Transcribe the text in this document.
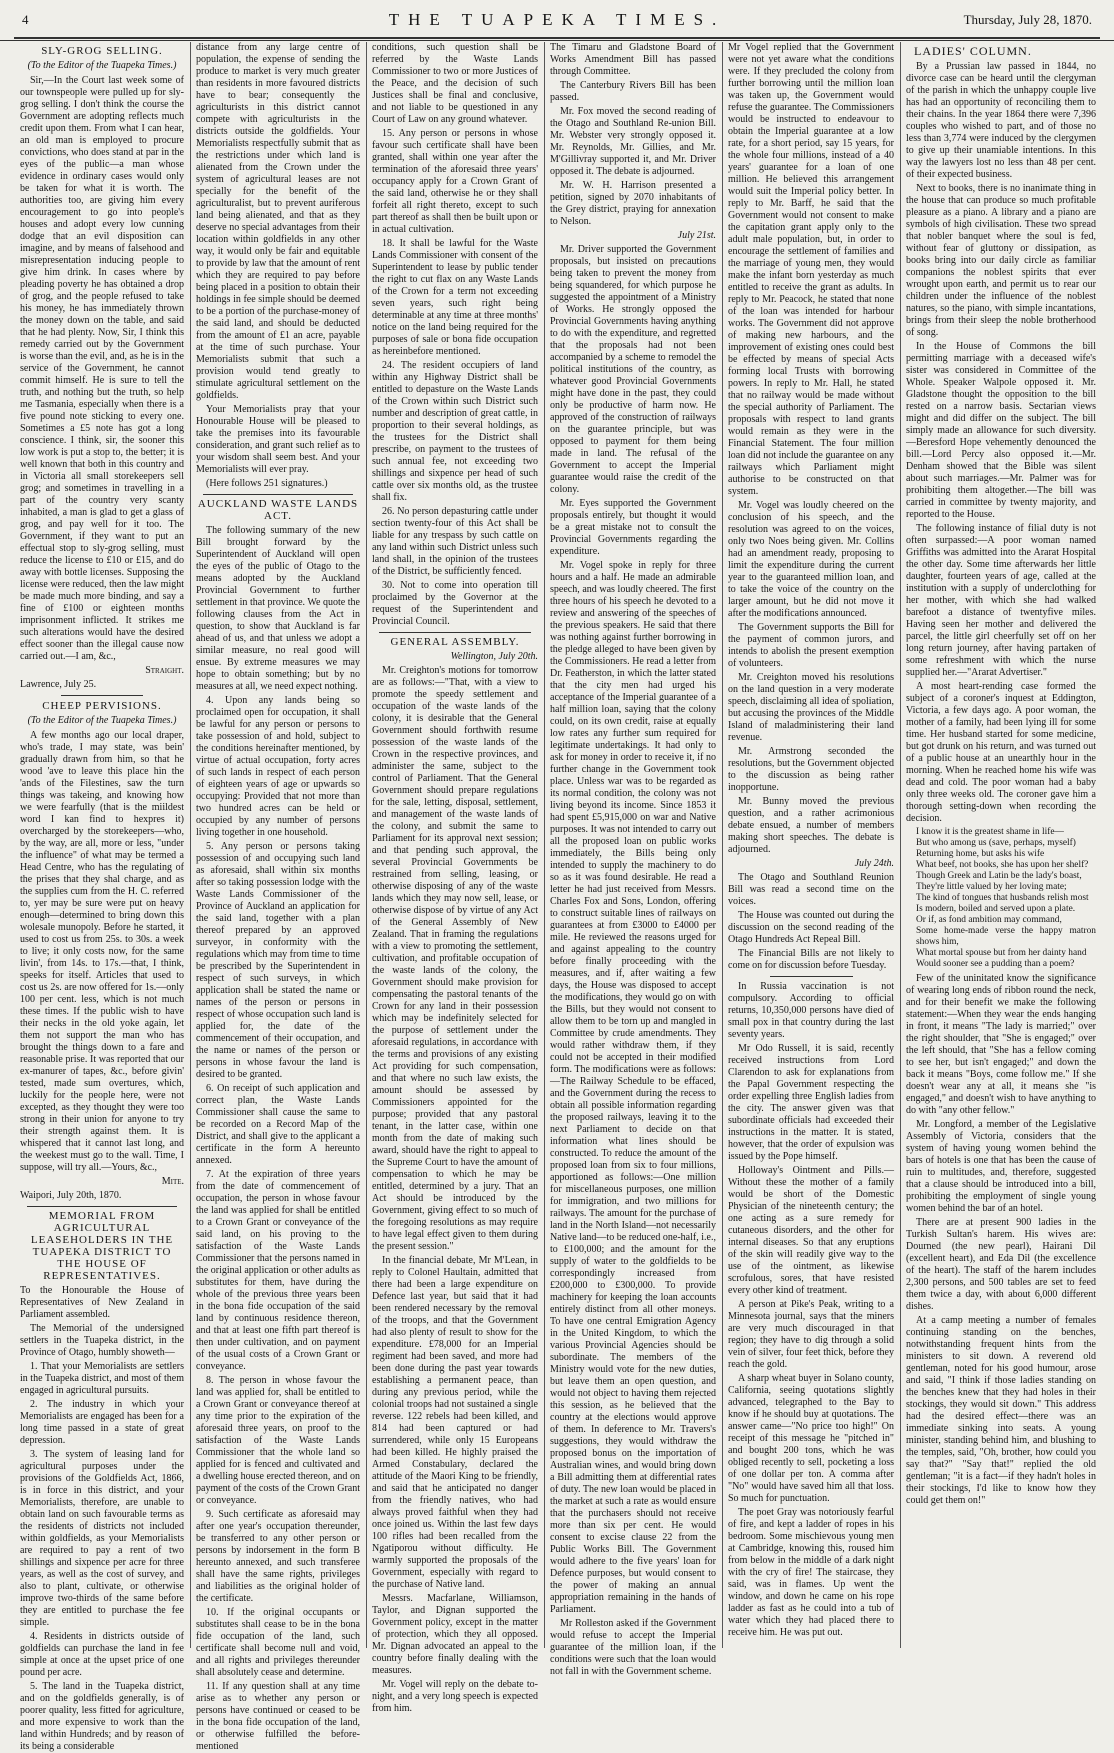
4	THE TUAPEKA TIMES.	Thursday, July 28, 1870.
SLY-GROG SELLING.
(To the Editor of the Tuapeka Times.)

Sir,—In the Court last week some of our townspeople were pulled up for sly-grog selling. I don't think the course the Government are adopting reflects much credit upon them. From what I can hear, an old man is employed to procure convictions, who does stand at par in the eyes of the public—a man whose evidence in ordinary cases would only be taken for what it is worth. The authorities too, are giving him every encouragement to go into people's houses and adopt every low cunning dodge that an evil disposition can imagine, and by means of falsehood and misrepresentation inducing people to give him drink. In cases where by pleading poverty he has obtained a drop of grog, and the people refused to take his money, he has immediately thrown the money down on the table, and said that he had plenty. Now, Sir, I think this remedy carried out by the Government is worse than the evil, and, as he is in the service of the Government, he cannot commit himself. He is sure to tell the truth, and nothing but the truth, so help me Tasmania, especially when there is a five pound note sticking to every one. Sometimes a £5 note has got a long conscience. I think, sir, the sooner this low work is put a stop to, the better; it is well known that both in this country and in Victoria all small storekeepers sell grog; and sometimes in travelling in a part of the country very scanty inhabited, a man is glad to get a glass of grog, and pay well for it too. The Government, if they want to put an effectual stop to sly-grog selling, must reduce the license to £10 or £15, and do away with bottle licenses. Supposing the license were reduced, then the law might be made much more binding, and say a fine of £100 or eighteen months imprisonment inflicted. It strikes me such alterations would have the desired effect sooner than the illegal cause now carried out.—I am, &c.,

Straight.

Lawrence, July 25.

CHEEP PERVISIONS.
(To the Editor of the Tuapeka Times.)

A few months ago our local draper, who's trade, I may state, was bein' gradually drawn from him, so that he wood 'ave to leave this place hin the 'ands of the Filestines, saw the turn things was takeing, and knowing how we were fearfully (that is the miildest word I kan find to hexpres it) overcharged by the storekeepers—who, by the way, are all, more or less, "under the influence" of what may be termed a Head Centre, who has the regulating of the prises that they shal charge, and as the supplies cum from the H. C. referred to, yer may be sure were put on heavy enough—determined to bring down this wolesale munopoly. Before he started, it used to cost us from 25s. to 30s. a week to live; it only costs now, for the same livin', from 14s. to 17s.—that, I think, speeks for itself. Articles that used to cost us 2s. are now offered for 1s.—only 100 per cent. less, which is not much these times. If the public wish to have their necks in the old yoke again, let them not support the man who has brought the things down to a fare and reasonable prise. It was reported that our ex-manurer of tapes, &c., before givin' tested, made sum overtures, which, luckily for the people here, were not excepted, as they thought they were too strong in their union for anyone to try their strength against them. It is whispered that it cannot last long, and the weekest must go to the wall. Time, I suppose, will try all.—Yours, &c.,

Mite.

Waipori, July 20th, 1870.

MEMORIAL FROM AGRICULTURAL LEASEHOLDERS IN THE TUAPEKA DISTRICT TO THE HOUSE OF REPRESENTATIVES.

To the Honourable the House of Representatives of New Zealand in Parliament assembled.

The Memorial of the undersigned settlers in the Tuapeka district, in the Province of Otago, humbly showeth—

1. That your Memorialists are settlers in the Tuapeka district, and most of them engaged in agricultural pursuits.

2. The industry in which your Memorialists are engaged has been for a long time passed in a state of great depression.

3. The system of leasing land for agricultural purposes under the provisions of the Goldfields Act, 1866, is in force in this district, and your Memorialists, therefore, are unable to obtain land on such favourable terms as the residents of districts not included within goldfields, as your Memorialists are required to pay a rent of two shillings and sixpence per acre for three years, as well as the cost of survey, and also to plant, cultivate, or otherwise improve two-thirds of the same before they are entitled to purchase the fee simple.

4. Residents in districts outside of goldfields can purchase the land in fee simple at once at the upset price of one pound per acre.

5. The land in the Tuapeka district, and on the goldfields generally, is of poorer quality, less fitted for agriculture, and more expensive to work than the land within Hundreds; and by reason of its being a considerable

distance from any large centre of population, the expense of sending the produce to market is very much greater than residents in more favoured districts have to bear; consequently the agriculturists in this district cannot compete with agriculturists in the districts outside the goldfields. Your Memorialists respectfully submit that as the restrictions under which land is alienated from the Crown under the system of agricultural leases are not specially for the benefit of the agriculturalist, but to prevent auriferous land being alienated, and that as they deserve no special advantages from their location within goldfields in any other way, it would only be fair and equitable to provide by law that the amount of rent which they are required to pay before being placed in a position to obtain their holdings in fee simple should be deemed to be a portion of the purchase-money of the said land, and should be deducted from the amount of £1 an acre, payable at the time of such purchase. Your Memorialists submit that such a provision would tend greatly to stimulate agricultural settlement on the goldfields.

Your Memorialists pray that your Honourable House will be pleased to take the premises into its favourable consideration, and grant such relief as to your wisdom shall seem best. And your Memorialists will ever pray.

(Here follows 251 signatures.)

AUCKLAND WASTE LANDS ACT.

The following summary of the new Bill brought forward by the Superintendent of Auckland will open the eyes of the public of Otago to the means adopted by the Auckland Provincial Government to further settlement in that province. We quote the following clauses from the Act in question, to show that Auckland is far ahead of us, and that unless we adopt a similar measure, no real good will ensue. By extreme measures we may hope to obtain something; but by no measures at all, we need expect nothing.

4. Upon any lands being so proclaimed open for occupation, it shall be lawful for any person or persons to take possession of and hold, subject to the conditions hereinafter mentioned, by virtue of actual occupation, forty acres of such lands in respect of each person of eighteen years of age or upwards so occupying: Provided that not more than two hundred acres can be held or occupied by any number of persons living together in one household.

5. Any person or persons taking possession of and occupying such land as aforesaid, shall within six months after so taking possession lodge with the Waste Lands Commissioner of the Province of Auckland an application for the said land, together with a plan thereof prepared by an approved surveyor, in conformity with the regulations which may from time to time be prescribed by the Superintendent in respect of such surveys, in which application shall be stated the name or names of the person or persons in respect of whose occupation such land is applied for, the date of the commencement of their occupation, and the name or names of the person or persons in whose favour the land is desired to be granted.

6. On receipt of such application and correct plan, the Waste Lands Commissioner shall cause the same to be recorded on a Record Map of the District, and shall give to the applicant a certificate in the form A hereunto annexed.

7. At the expiration of three years from the date of commencement of occupation, the person in whose favour the land was applied for shall be entitled to a Crown Grant or conveyance of the said land, on his proving to the satisfaction of the Waste Lands Commissioner that the persons named in the original application or other adults as substitutes for them, have during the whole of the previous three years been in the bona fide occupation of the said land by continuous residence thereon, and that at least one fifth part thereof is then under cultivation, and on payment of the usual costs of a Crown Grant or conveyance.

8. The person in whose favour the land was applied for, shall be entitled to a Crown Grant or conveyance thereof at any time prior to the expiration of the aforesaid three years, on proof to the satisfaction of the Waste Lands Commissioner that the whole land so applied for is fenced and cultivated and a dwelling house erected thereon, and on payment of the costs of the Crown Grant or conveyance.

9. Such certificate as aforesaid may after one year's occupation thereunder, be transferred to any other person or persons by indorsement in the form B hereunto annexed, and such transferee shall have the same rights, privileges and liabilities as the original holder of the certificate.

10. If the original occupants or substitutes shall cease to be in the bona fide occupation of the land, such certificate shall become null and void, and all rights and privileges thereunder shall absolutely cease and determine.

11. If any question shall at any time arise as to whether any person or persons have continued or ceased to be in the bona fide occupation of the land, or otherwise fulfilled the before-mentioned

conditions, such question shall be referred by the Waste Lands Commissioner to two or more Justices of the Peace, and the decision of such Justices shall be final and conclusive, and not liable to be questioned in any Court of Law on any ground whatever.

15. Any person or persons in whose favour such certificate shall have been granted, shall within one year after the termination of the aforesaid three years' occupancy apply for a Crown Grant of the said land, otherwise he or they shall forfeit all right thereto, except to such part thereof as shall then be built upon or in actual cultivation.

18. It shall be lawful for the Waste Lands Commissioner with consent of the Superintendent to lease by public tender the right to cut flax on any Waste Lands of the Crown for a term not exceeding seven years, such right being determinable at any time at three months' notice on the land being required for the purposes of sale or bona fide occupation as hereinbefore mentioned.

24. The resident occupiers of land within any Highway District shall be entitled to depasture on the Waste Lands of the Crown within such District such number and description of great cattle, in proportion to their several holdings, as the trustees for the District shall prescribe, on payment to the trustees of such annual fee, not exceeding two shillings and sixpence per head of such cattle over six months old, as the trustee shall fix.

26. No person depasturing cattle under section twenty-four of this Act shall be liable for any trespass by such cattle on any land within such District unless such land shall, in the opinion of the trustees of the District, be sufficiently fenced.

30. Not to come into operation till proclaimed by the Governor at the request of the Superintendent and Provincial Council.

GENERAL ASSEMBLY.
Wellington, July 20th.

Mr. Creighton's motions for tomorrow are as follows:—"That, with a view to promote the speedy settlement and occupation of the waste lands of the colony, it is desirable that the General Government should forthwith resume possession of the waste lands of the Crown in the respective provinces, and administer the same, subject to the control of Parliament. That the General Government should prepare regulations for the sale, letting, disposal, settlement, and management of the waste lands of the colony, and submit the same to Parliament for its approval next session; and that pending such approval, the several Provincial Governments be restrained from selling, leasing, or otherwise disposing of any of the waste lands which they may now sell, lease, or otherwise dispose of by virtue of any Act of the General Assembly of New Zealand. That in framing the regulations with a view to promoting the settlement, cultivation, and profitable occupation of the waste lands of the colony, the Government should make provision for compensating the pastoral tenants of the Crown for any land in their possession which may be indefinitely selected for the purpose of settlement under the aforesaid regulations, in accordance with the terms and provisions of any existing Act providing for such compensation, and that where no such law exists, the amount should be assessed by Commissioners appointed for the purpose; provided that any pastoral tenant, in the latter case, within one month from the date of making such award, should have the right to appeal to the Supreme Court to have the amount of compensation to which he may be entitled, determined by a jury. That an Act should be introduced by the Government, giving effect to so much of the foregoing resolutions as may require to have legal effect given to them during the present session."

In the financial debate, Mr M'Lean, in reply to Colonel Haultain, admitted that there had been a large expenditure on Defence last year, but said that it had been rendered necessary by the removal of the troops, and that the Government had also plenty of result to show for the expenditure. £78,000 for an Imperial regiment had been saved, and more had been done during the past year towards establishing a permanent peace, than during any previous period, while the colonial troops had not sustained a single reverse. 122 rebels had been killed, and 814 had been captured or had surrendered, while only 15 Europeans had been killed. He highly praised the Armed Constabulary, declared the attitude of the Maori King to be friendly, and said that he anticipated no danger from the friendly natives, who had always proved faithful when they had once joined us. Within the last few days 100 rifles had been recalled from the Ngatiporou without difficulty. He warmly supported the proposals of the Government, especially with regard to the purchase of Native land.

Messrs. Macfarlane, Williamson, Taylor, and Dignan supported the Government policy, except in the matter of protection, which they all opposed. Mr. Dignan advocated an appeal to the country before finally dealing with the measures.

Mr. Vogel will reply on the debate to-night, and a very long speech is expected from him.

The Timaru and Gladstone Board of Works Amendment Bill has passed through Committee.

The Canterbury Rivers Bill has been passed.

Mr. Fox moved the second reading of the Otago and Southland Re-union Bill. Mr. Webster very strongly opposed it. Mr. Reynolds, Mr. Gillies, and Mr. M'Gillivray supported it, and Mr. Driver opposed it. The debate is adjourned.

Mr. W. H. Harrison presented a petition, signed by 2070 inhabitants of the Grey district, praying for annexation to Nelson.

July 21st.

Mr. Driver supported the Government proposals, but insisted on precautions being taken to prevent the money from being squandered, for which purpose he suggested the appointment of a Ministry of Works. He strongly opposed the Provincial Governments having anything to do with the expenditure, and regretted that the proposals had not been accompanied by a scheme to remodel the political institutions of the country, as whatever good Provincial Governments might have done in the past, they could only be productive of harm now. He approved of the construction of railways on the guarantee principle, but was opposed to payment for them being made in land. The refusal of the Government to accept the Imperial guarantee would raise the credit of the colony.

Mr. Eyes supported the Government proposals entirely, but thought it would be a great mistake not to consult the Provincial Governments regarding the expenditure.

Mr. Vogel spoke in reply for three hours and a half. He made an admirable speech, and was loudly cheered. The first three hours of his speech he devoted to a review and answering of the speeches of the previous speakers. He said that there was nothing against further borrowing in the pledge alleged to have been given by the Commissioners. He read a letter from Dr. Featherston, in which the latter stated that the city men had urged his acceptance of the Imperial guarantee of a half million loan, saying that the colony could, on its own credit, raise at equally low rates any further sum required for legitimate undertakings. It had only to ask for money in order to receive it, if no further change in the Government took place. Unless war was to be regarded as its normal condition, the colony was not living beyond its income. Since 1853 it had spent £5,915,000 on war and Native purposes. It was not intended to carry out all the proposed loan on public works immediately, the Bills being only intended to supply the machinery to do so as it was found desirable. He read a letter he had just received from Messrs. Charles Fox and Sons, London, offering to construct suitable lines of railways on guarantees at from £3000 to £4000 per mile. He reviewed the reasons urged for and against appealing to the country before finally proceeding with the measures, and if, after waiting a few days, the House was disposed to accept the modifications, they would go on with the Bills, but they would not consent to allow them to be torn up and mangled in Committee by crude amendments. They would rather withdraw them, if they could not be accepted in their modified form. The modifications were as follows:—The Railway Schedule to be effaced, and the Government during the recess to obtain all possible information regarding the proposed railways, leaving it to the next Parliament to decide on that information what lines should be constructed. To reduce the amount of the proposed loan from six to four millions, apportioned as follows:—One million for miscellaneous purposes, one million for immigration, and two millions for railways. The amount for the purchase of land in the North Island—not necessarily Native land—to be reduced one-half, i.e., to £100,000; and the amount for the supply of water to the goldfields to be correspondingly increased from £200,000 to £300,000. To provide machinery for keeping the loan accounts entirely distinct from all other moneys. To have one central Emigration Agency in the United Kingdom, to which the various Provincial Agencies should be subordinate. The members of the Ministry would vote for the new duties, but leave them an open question, and would not object to having them rejected this session, as he believed that the country at the elections would approve of them. In deference to Mr. Travers's suggestions, they would withdraw the proposed bonus on the importation of Australian wines, and would bring down a Bill admitting them at differential rates of duty. The new loan would be placed in the market at such a rate as would ensure that the purchasers should not receive more than six per cent. He would consent to excise clause 22 from the Public Works Bill. The Government would adhere to the five years' loan for Defence purposes, but would consent to the power of making an annual appropriation remaining in the hands of Parliament.

Mr Rolleston asked if the Government would refuse to accept the Imperial guarantee of the million loan, if the conditions were such that the loan would not fall in with the Government scheme.

Mr Vogel replied that the Government were not yet aware what the conditions were. If they precluded the colony from further borrowing until the million loan was taken up, the Government would refuse the guarantee. The Commissioners would be instructed to endeavour to obtain the Imperial guarantee at a low rate, for a short period, say 15 years, for the whole four millions, instead of a 40 years' guarantee for a loan of one million. He believed this arrangement would suit the Imperial policy better. In reply to Mr. Barff, he said that the Government would not consent to make the capitation grant apply only to the adult male population, but, in order to encourage the settlement of families and the marriage of young men, they would make the infant born yesterday as much entitled to receive the grant as adults. In reply to Mr. Peacock, he stated that none of the loan was intended for harbour works. The Government did not approve of making new harbours, and the improvement of existing ones could best be effected by means of special Acts forming local Trusts with borrowing powers. In reply to Mr. Hall, he stated that no railway would be made without the special authority of Parliament. The proposals with respect to land grants would remain as they were in the Financial Statement. The four million loan did not include the guarantee on any railways which Parliament might authorise to be constructed on that system.

Mr. Vogel was loudly cheered on the conclusion of his speech, and the resolution was agreed to on the voices, only two Noes being given. Mr. Collins had an amendment ready, proposing to limit the expenditure during the current year to the guaranteed million loan, and to take the voice of the country on the larger amount, but he did not move it after the modifications announced.

The Government supports the Bill for the payment of common jurors, and intends to abolish the present exemption of volunteers.

Mr. Creighton moved his resolutions on the land question in a very moderate speech, disclaiming all idea of spoliation, but accusing the provinces of the Middle Island of maladministering their land revenue.

Mr. Armstrong seconded the resolutions, but the Government objected to the discussion as being rather inopportune.

Mr. Bunny moved the previous question, and a rather acrimonious debate ensued, a number of members making short speeches. The debate is adjourned.

July 24th.

The Otago and Southland Reunion Bill was read a second time on the voices.

The House was counted out during the discussion on the second reading of the Otago Hundreds Act Repeal Bill.

The Financial Bills are not likely to come on for discussion before Tuesday.

In Russia vaccination is not compulsory. According to official returns, 10,350,000 persons have died of small pox in that country during the last seventy years.

Mr Odo Russell, it is said, recently received instructions from Lord Clarendon to ask for explanations from the Papal Government respecting the order expelling three English ladies from the city. The answer given was that subordinate officials had exceeded their instructions in the matter. It is stated, however, that the order of expulsion was issued by the Pope himself.

Holloway's Ointment and Pills.—Without these the mother of a family would be short of the Domestic Physician of the nineteenth century; the one acting as a sure remedy for cutaneous disorders, and the other for internal diseases. So that any eruptions of the skin will readily give way to the use of the ointment, as likewise scrofulous, sores, that have resisted every other kind of treatment.

A person at Pike's Peak, writing to a Minnesota journal, says that the miners are very much discouraged in that region; they have to dig through a solid vein of silver, four feet thick, before they reach the gold.

A sharp wheat buyer in Solano county, California, seeing quotations slightly advanced, telegraphed to the Bay to know if he should buy at quotations. The answer came—"No price too high!" On receipt of this message he "pitched in" and bought 200 tons, which he was obliged recently to sell, pocketing a loss of one dollar per ton. A comma after "No" would have saved him all that loss. So much for punctuation.

The poet Gray was notoriously fearful of fire, and kept a ladder of ropes in his bedroom. Some mischievous young men at Cambridge, knowing this, roused him from below in the middle of a dark night with the cry of fire! The staircase, they said, was in flames. Up went the window, and down he came on his rope ladder as fast as he could into a tub of water which they had placed there to receive him. He was put out.

LADIES' COLUMN.

By a Prussian law passed in 1844, no divorce case can be heard until the clergyman of the parish in which the unhappy couple live has had an opportunity of reconciling them to their chains. In the year 1864 there were 7,396 couples who wished to part, and of those no less than 3,774 were induced by the clergymen to give up their unamiable intentions. In this way the lawyers lost no less than 48 per cent. of their expected business.

Next to books, there is no inanimate thing in the house that can produce so much profitable pleasure as a piano. A library and a piano are symbols of high civilisation. These two spread that nobler banquet where the soul is fed, without fear of gluttony or dissipation, as books bring into our daily circle as familiar companions the noblest spirits that ever wrought upon earth, and permit us to rear our children under the influence of the noblest natures, so the piano, with simple incantations, brings from their sleep the noble brotherhood of song.

In the House of Commons the bill permitting marriage with a deceased wife's sister was considered in Committee of the Whole. Speaker Walpole opposed it. Mr. Gladstone thought the opposition to the bill rested on a narrow basis. Sectarian views might and did differ on the subject. The bill simply made an allowance for such diversity.—Beresford Hope vehemently denounced the bill.—Lord Percy also opposed it.—Mr. Denham showed that the Bible was silent about such marriages.—Mr. Palmer was for prohibiting them altogether.—The bill was carried in committee by twenty majority, and reported to the House.

The following instance of filial duty is not often surpassed:—A poor woman named Griffiths was admitted into the Ararat Hospital the other day. Some time afterwards her little daughter, fourteen years of age, called at the institution with a supply of underclothing for her mother, with which she had walked barefoot a distance of twentyfive miles. Having seen her mother and delivered the parcel, the little girl cheerfully set off on her long return journey, after having partaken of some refreshment with which the nurse supplied her.—"Ararat Advertiser."

A most heart-rending case formed the subject of a coroner's inquest at Eddington, Victoria, a few days ago. A poor woman, the mother of a family, had been lying ill for some time. Her husband started for some medicine, but got drunk on his return, and was turned out of a public house at an unearthly hour in the morning. When he reached home his wife was dead and cold. The poor woman had a baby only three weeks old. The coroner gave him a thorough setting-down when recording the decision.

I know it is the greatest shame in life—
But who among us (save, perhaps, myself)
Returning home, but asks his wife
What beef, not books, she has upon her shelf?
Though Greek and Latin be the lady's boast,
They're little valued by her loving mate;
The kind of tongues that husbands relish most
Is modern, boiled and served upon a plate.
Or if, as fond ambition may command,
Some home-made verse the happy matron shows him,
What mortal spouse but from her dainty hand
Would sooner see a pudding than a poem?

Few of the uninitated know the significance of wearing long ends of ribbon round the neck, and for their benefit we make the following statement:—When they wear the ends hanging in front, it means "The lady is married;" over the right shoulder, that "She is engaged;" over the left should, that "She has a fellow coming to see her, but isn't engaged;" and down the back it means "Boys, come follow me." If she doesn't wear any at all, it means she "is engaged," and doesn't wish to have anything to do with "any other fellow."

Mr. Longford, a member of the Legislative Assembly of Victoria, considers that the system of having young women behind the bars of hotels is one that has been the cause of ruin to multitudes, and, therefore, suggested that a clause should be introduced into a bill, prohibiting the employment of single young women behind the bar of an hotel.

There are at present 900 ladies in the Turkish Sultan's harem. His wives are: Dourned (the new pearl), Hairani Dil (excellent heart), and Eda Dil (the excellence of the heart). The staff of the harem includes 2,300 persons, and 500 tables are set to feed them twice a day, with about 6,000 different dishes.

At a camp meeting a number of females continuing standing on the benches, notwithstanding frequent hints from the ministers to sit down. A reverend old gentleman, noted for his good humour, arose and said, "I think if those ladies standing on the benches knew that they had holes in their stockings, they would sit down." This address had the desired effect—there was an immediate sinking into seats. A young minister, standing behind him, and blushing to the temples, said, "Oh, brother, how could you say that?" "Say that!" replied the old gentleman; "it is a fact—if they hadn't holes in their stockings, I'd like to know how they could get them on!"
